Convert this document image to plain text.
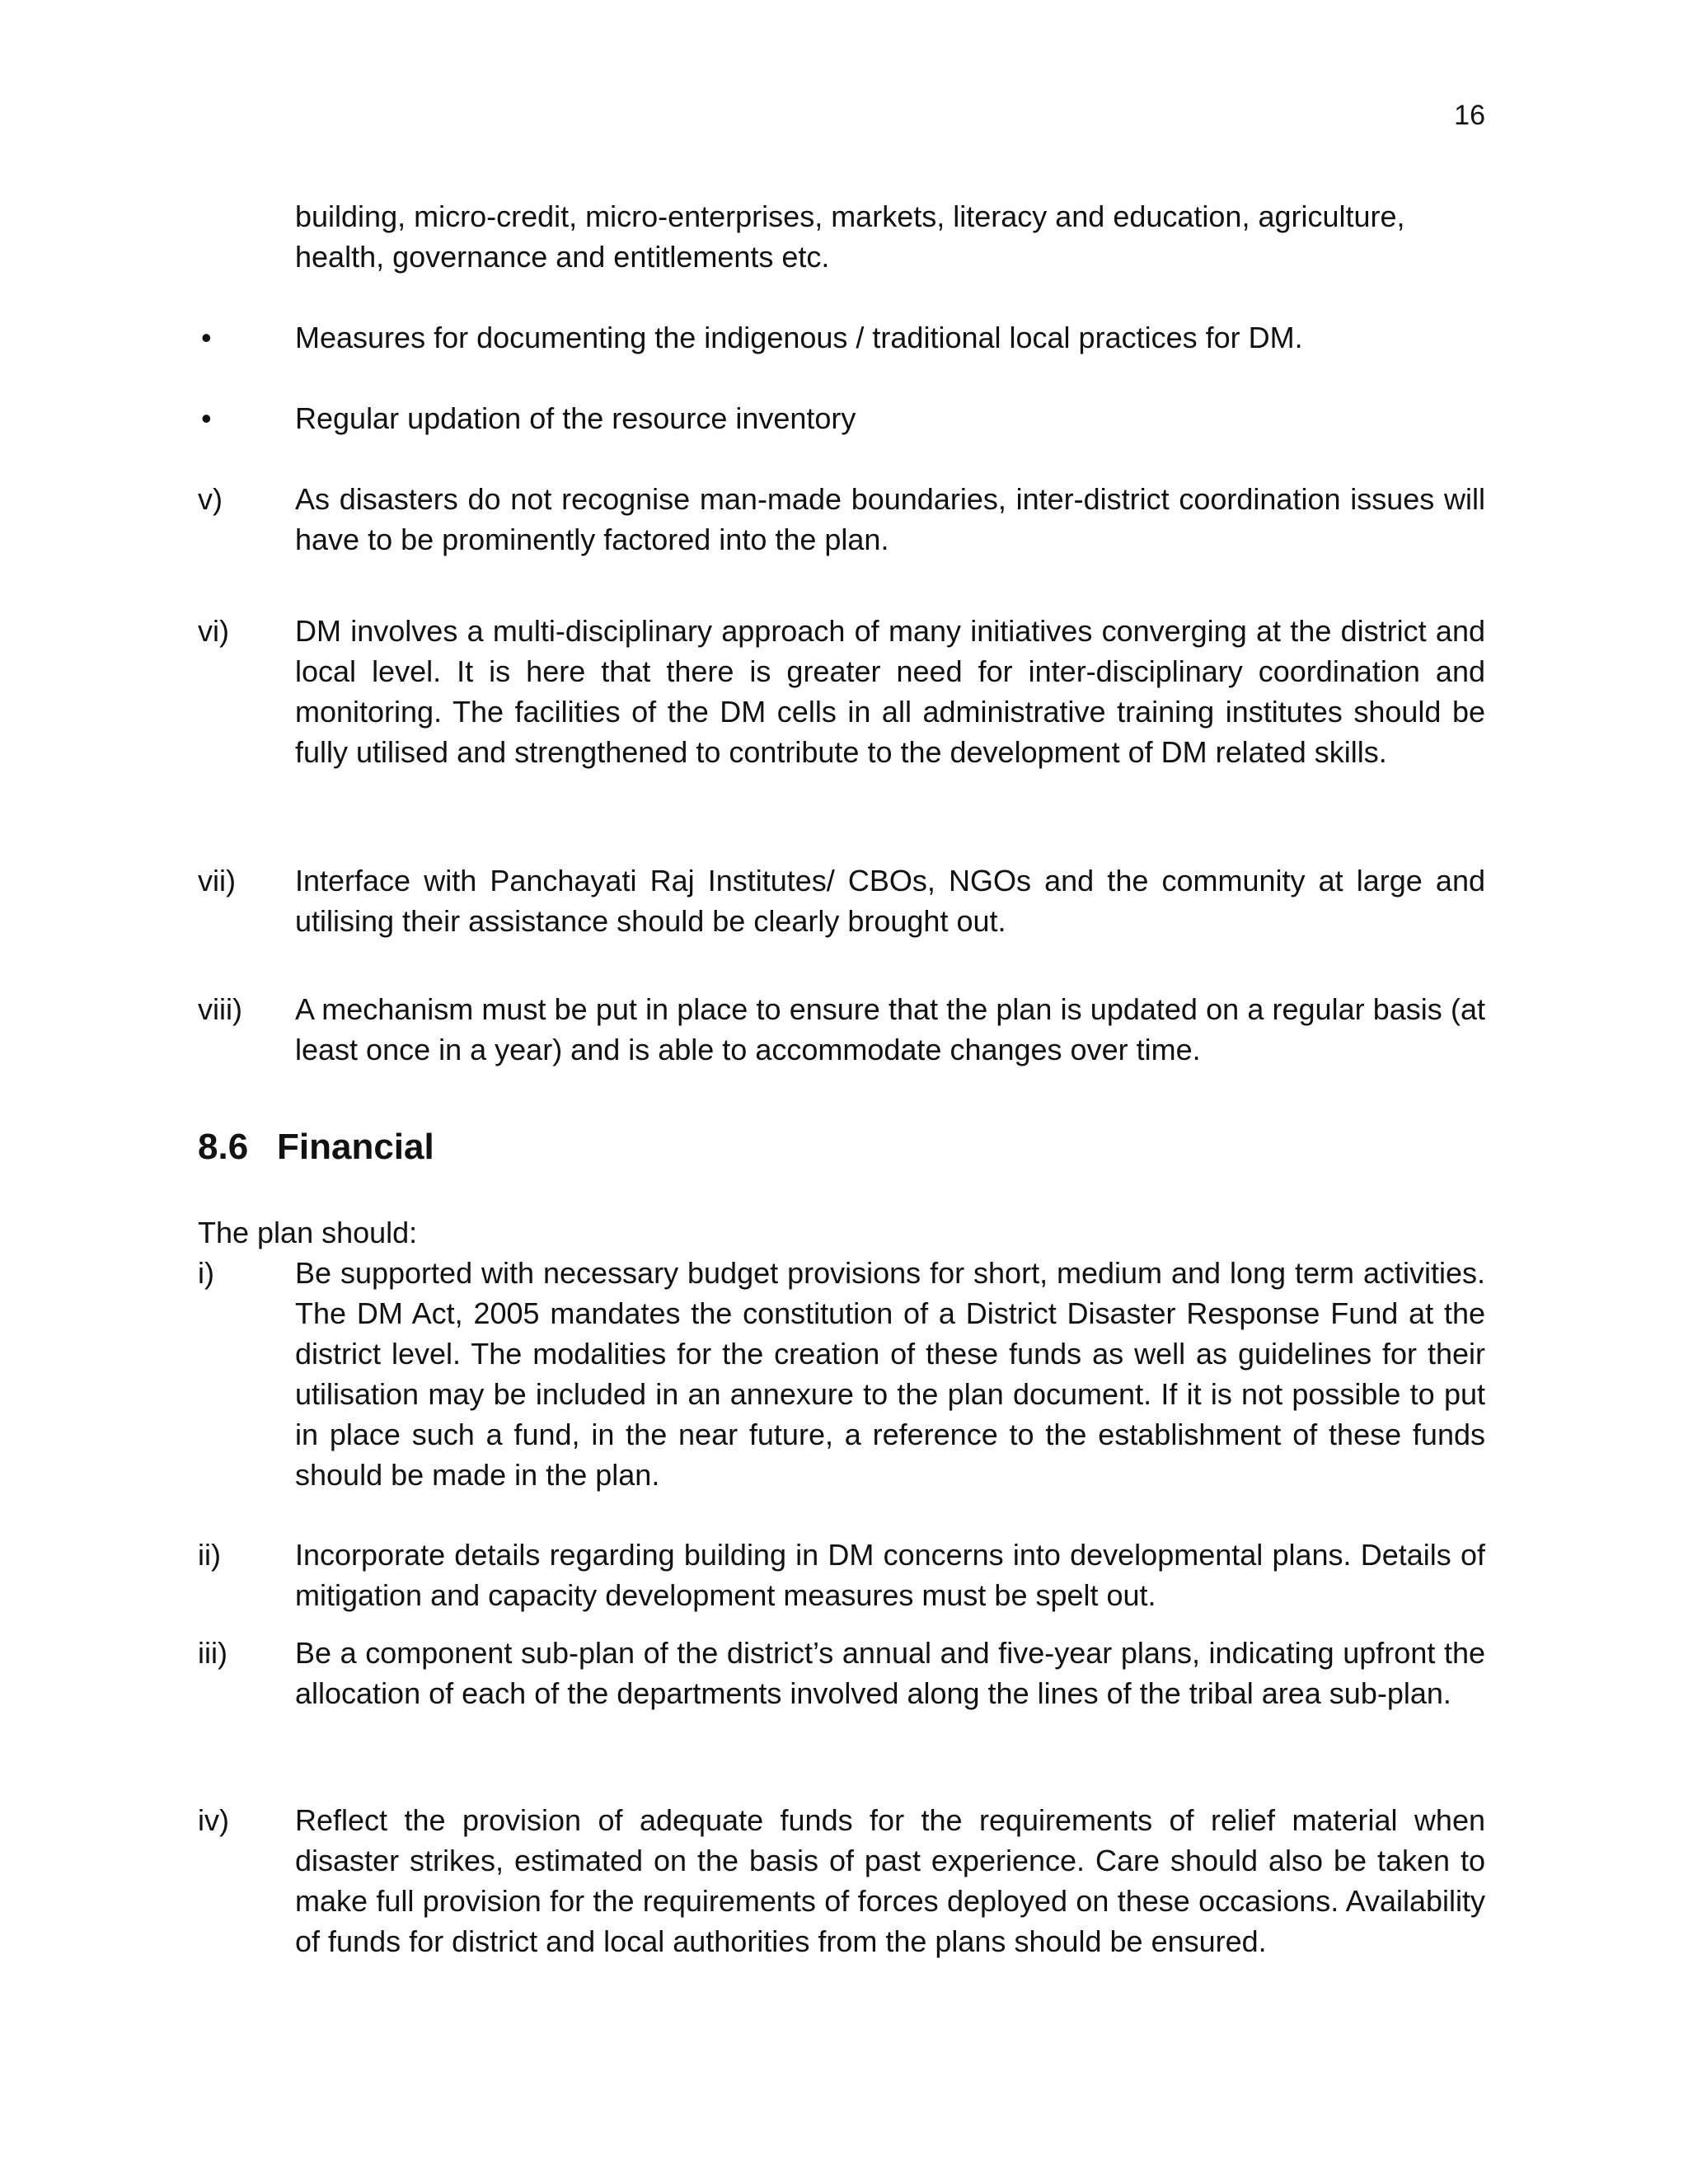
16
building, micro-credit, micro-enterprises, markets, literacy and education, agriculture, health, governance and entitlements etc.
•	Measures for documenting the indigenous / traditional local practices for DM.
•	Regular updation of the resource inventory
v)	As disasters do not recognise man-made boundaries, inter-district coordination issues will have to be prominently factored into the plan.
vi)	DM involves a multi-disciplinary approach of many initiatives converging at the district and local level. It is here that there is greater need for inter-disciplinary coordination and monitoring. The facilities of the DM cells in all administrative training institutes should be fully utilised and strengthened to contribute to the development of DM related skills.
vii)	Interface with Panchayati Raj Institutes/ CBOs, NGOs and the community at large and utilising their assistance should be clearly brought out.
viii)	A mechanism must be put in place to ensure that the plan is updated on a regular basis (at least once in a year) and is able to accommodate changes over time.
8.6 Financial
The plan should:
i)	Be supported with necessary budget provisions for short, medium and long term activities. The DM Act, 2005 mandates the constitution of a District Disaster Response Fund at the district level. The modalities for the creation of these funds as well as guidelines for their utilisation may be included in an annexure to the plan document. If it is not possible to put in place such a fund, in the near future, a reference to the establishment of these funds should be made in the plan.
ii)	Incorporate details regarding building in DM concerns into developmental plans. Details of mitigation and capacity development measures must be spelt out.
iii)	Be a component sub-plan of the district’s annual and five-year plans, indicating upfront the allocation of each of the departments involved along the lines of the tribal area sub-plan.
iv)	Reflect the provision of adequate funds for the requirements of relief material when disaster strikes, estimated on the basis of past experience. Care should also be taken to make full provision for the requirements of forces deployed on these occasions. Availability of funds for district and local authorities from the plans should be ensured.
